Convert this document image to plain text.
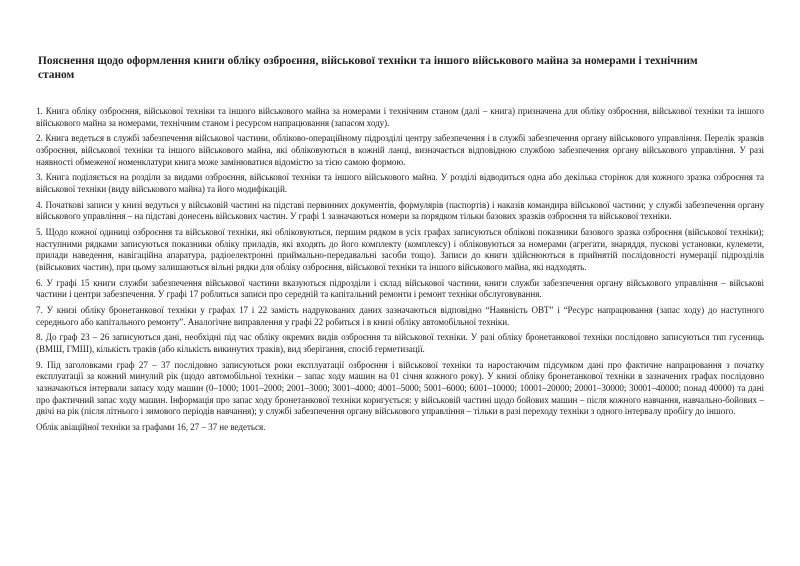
Пояснення щодо оформлення книги обліку озброєння, військової техніки та іншого військового майна за номерами і технічним станом

1. Книга обліку озброєння, військової техніки та іншого військового майна за номерами і технічним станом (далі – книга) призначена для обліку озброєння, військової техніки та іншого військового майна за номерами, технічним станом і ресурсом напрацювання (запасом ходу).

2. Книга ведеться в службі забезпечення військової частини, обліково-операційному підрозділі центру забезпечення і в службі забезпечення органу військового управління. Перелік зразків озброєння, військової техніки та іншого військового майна, які обліковуються в кожній ланці, визначається відповідною службою забезпечення органу військового управління. У разі наявності обмеженої номенклатури книга може замінюватися відомістю за тією самою формою.

3. Книга поділяється на розділи за видами озброєння, військової техніки та іншого військового майна. У розділі відводиться одна або декілька сторінок для кожного зразка озброєння та військової техніки (виду військового майна) та його модифікацій.

4. Початкові записи у книзі ведуться у військовій частині на підставі первинних документів, формулярів (паспортів) і наказів командира військової частини; у службі забезпечення органу військового управління – на підставі донесень військових частин. У графі 1 зазначаються номери за порядком тільки базових зразків озброєння та військової техніки.

5. Щодо кожної одиниці озброєння та військової техніки, які обліковуються, першим рядком в усіх графах записуються облікові показники базового зразка озброєння (військової техніки); наступними рядками записуються показники обліку приладів, які входять до його комплекту (комплексу) і обліковуються за номерами (агрегати, знаряддя, пускові установки, кулемети, прилади наведення, навігаційна апаратура, радіоелектронні приймально-передавальні засоби тощо). Записи до книги здійснюються в прийнятій послідовності нумерації підрозділів (військових частин), при цьому залишаються вільні рядки для обліку озброєння, військової техніки та іншого військового майна, які надходять.

6. У графі 15 книги служби забезпечення військової частини вказуються підрозділи і склад військової частини, книги служби забезпечення органу військового управління – військові частини і центри забезпечення. У графі 17 робляться записи про середній та капітальний ремонти і ремонт техніки обслуговування.

7. У книзі обліку бронетанкової техніки у графах 17 і 22 замість надрукованих даних зазначаються відповідно “Наявність ОВТ” і “Ресурс напрацювання (запас ходу) до наступного середнього або капітального ремонту”. Аналогічне виправлення у графі 22 робиться і в книзі обліку автомобільної техніки.

8. До граф 23 – 26 записуються дані, необхідні під час обліку окремих видів озброєння та військової техніки. У разі обліку бронетанкової техніки послідовно записуються тип гусениць (ВМШ, ГМШ), кількість траків (або кількість викинутих траків), вид зберігання, спосіб герметизації.

9. Під заголовками граф 27 – 37 послідовно записуються роки експлуатації озброєння і військової техніки та наростаючим підсумком дані про фактичне напрацювання з початку експлуатації за кожний минулий рік (щодо автомобільної техніки – запас ходу машин на 01 січня кожного року). У книзі обліку бронетанкової техніки в зазначених графах послідовно зазначаються інтервали запасу ходу машин (0–1000; 1001–2000; 2001–3000; 3001–4000; 4001–5000; 5001–6000; 6001–10000; 10001–20000; 20001–30000; 30001–40000; понад 40000) та дані про фактичний запас ходу машин. Інформація про запас ходу бронетанкової техніки коригується: у військовій частині щодо бойових машин – після кожного навчання, навчально-бойових – двічі на рік (після літнього і зимового періодів навчання); у службі забезпечення органу військового управління – тільки в разі переходу техніки з одного інтервалу пробігу до іншого.

Облік авіаційної техніки за графами 16, 27 – 37 не ведеться.
